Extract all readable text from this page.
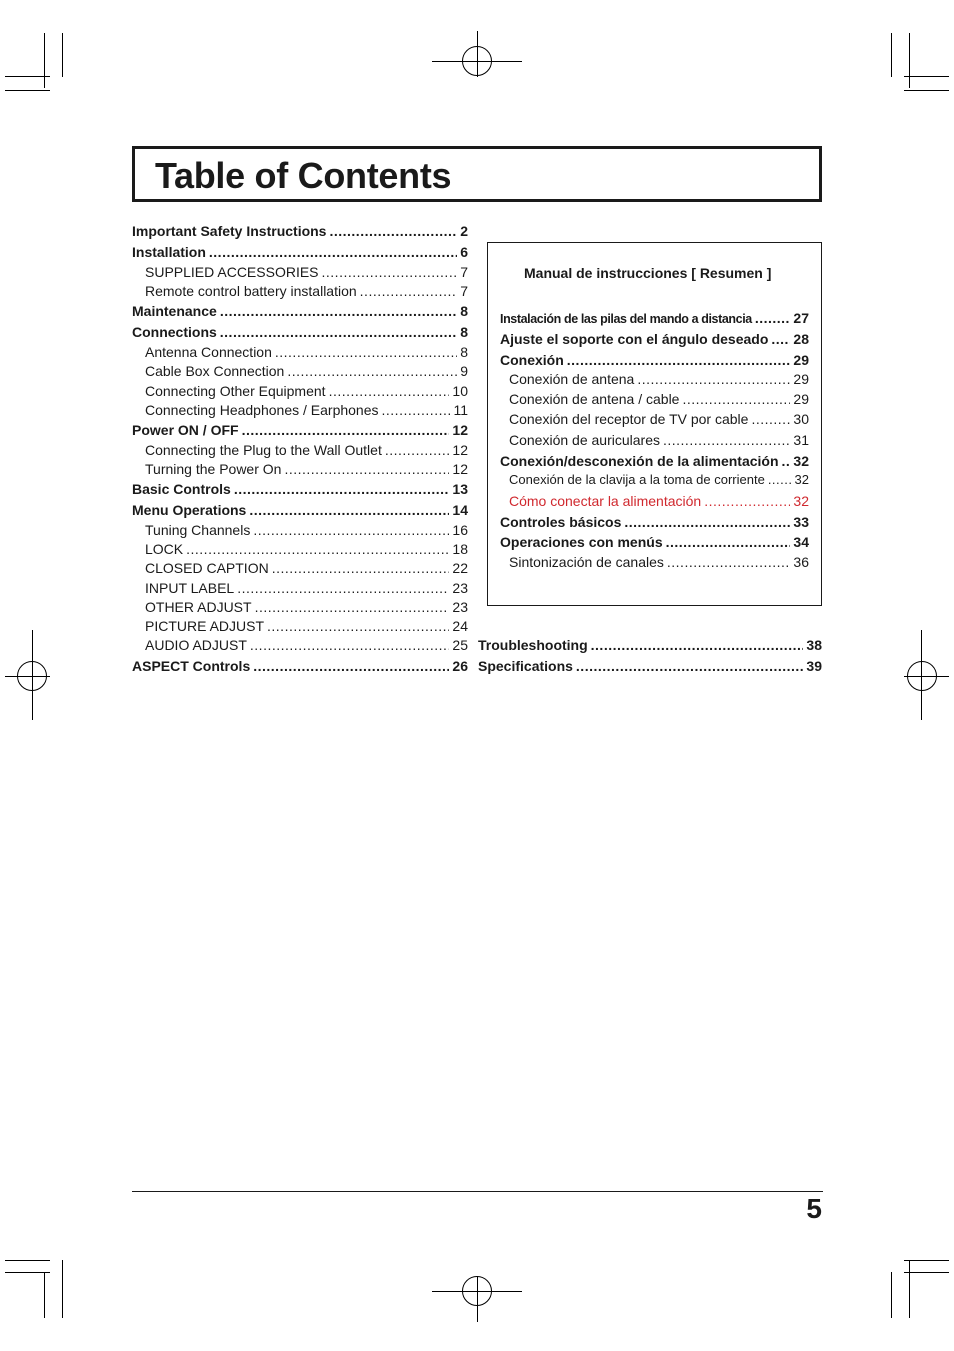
Table of Contents
Manual de instrucciones [ Resumen ]
5
Important Safety Instructions .....	2
Installation .....	6
SUPPLIED ACCESSORIES .....	7
Remote control battery installation .....	7
Maintenance .....	8
Connections .....	8
Antenna Connection .....	8
Cable Box Connection .....	9
Connecting Other Equipment .....	10
Connecting Headphones / Earphones .....	11
Power ON / OFF .....	12
Connecting the Plug to the Wall Outlet .....	12
Turning the Power On .....	12
Basic Controls .....	13
Menu Operations .....	14
Tuning Channels .....	16
LOCK .....	18
CLOSED CAPTION .....	22
INPUT LABEL .....	23
OTHER ADJUST .....	23
PICTURE ADJUST .....	24
AUDIO ADJUST .....	25
ASPECT Controls .....	26
Instalación de las pilas del mando a distancia .....	27
Ajuste el soporte con el ángulo deseado ..... 28
Conexión .....	29
Conexión de antena .....	29
Conexión de antena / cable .....	29
Conexión del receptor de TV por cable .....	30
Conexión de auriculares .....	31
Conexión/desconexión de la alimentación ..... 32
Conexión de la clavija a la toma de corriente ..... 32
Cómo conectar la alimentación .....	32
Controles básicos .....	33
Operaciones con menús .....	34
Sintonización de canales .....	36
Troubleshooting .....	38
Specifications .....	39
